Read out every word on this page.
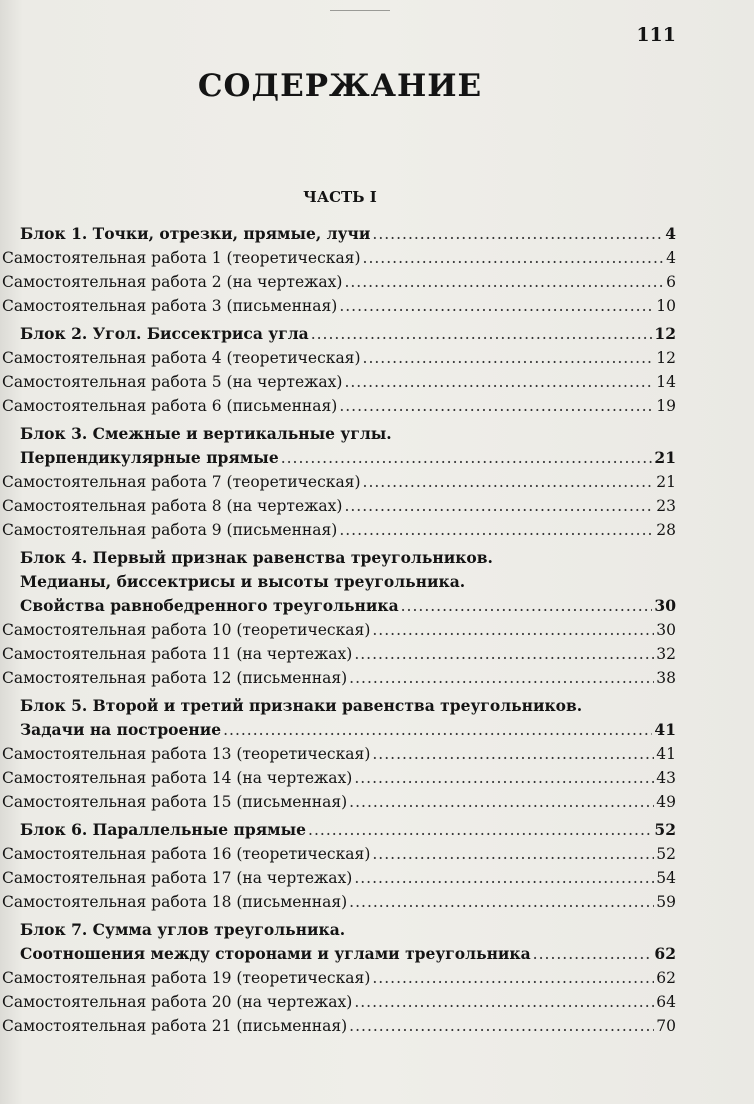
111
СОДЕРЖАНИЕ
ЧАСТЬ I
Блок 1. Точки, отрезки, прямые, лучи .....	4
Самостоятельная работа 1 (теоретическая) .....	4
Самостоятельная работа 2 (на чертежах) .....	6
Самостоятельная работа 3 (письменная) .....	10
Блок 2. Угол. Биссектриса угла .....	12
Самостоятельная работа 4 (теоретическая) .....	12
Самостоятельная работа 5 (на чертежах) .....	14
Самостоятельная работа 6 (письменная) .....	19
Блок 3. Смежные и вертикальные углы.
Перпендикулярные прямые .....	21
Самостоятельная работа 7 (теоретическая) .....	21
Самостоятельная работа 8 (на чертежах) .....	23
Самостоятельная работа 9 (письменная) .....	28
Блок 4. Первый признак равенства треугольников.
Медианы, биссектрисы и высоты треугольника.
Свойства равнобедренного треугольника .....	30
Самостоятельная работа 10 (теоретическая) .....	30
Самостоятельная работа 11 (на чертежах) .....	32
Самостоятельная работа 12 (письменная) .....	38
Блок 5. Второй и третий признаки равенства треугольников.
Задачи на построение .....	41
Самостоятельная работа 13 (теоретическая) .....	41
Самостоятельная работа 14 (на чертежах) .....	43
Самостоятельная работа 15 (письменная) .....	49
Блок 6. Параллельные прямые .....	52
Самостоятельная работа 16 (теоретическая) .....	52
Самостоятельная работа 17 (на чертежах) .....	54
Самостоятельная работа 18 (письменная) .....	59
Блок 7. Сумма углов треугольника.
Соотношения между сторонами и углами треугольника .....	62
Самостоятельная работа 19 (теоретическая) .....	62
Самостоятельная работа 20 (на чертежах) .....	64
Самостоятельная работа 21 (письменная) .....	70
